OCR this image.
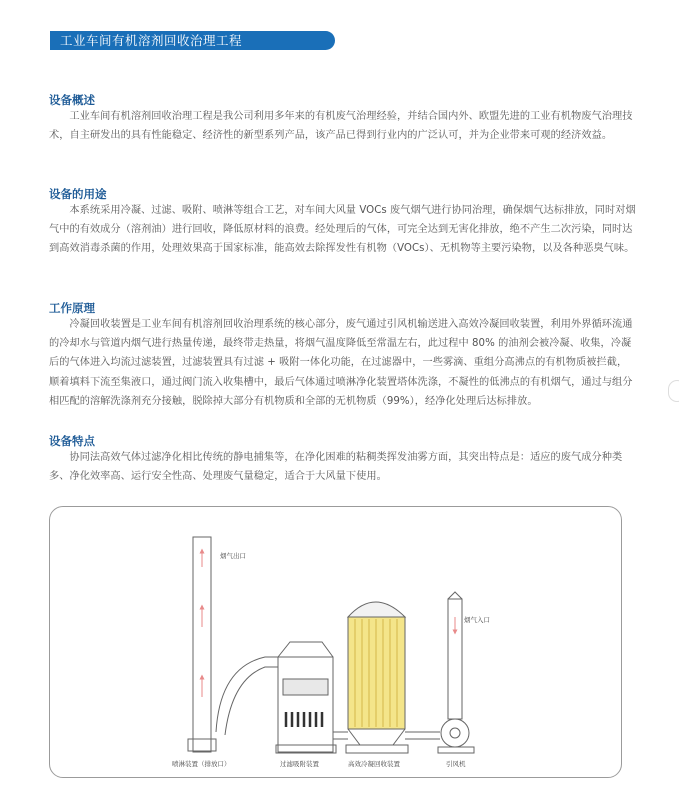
工业车间有机溶剂回收治理工程
设备概述

工业车间有机溶剂回收治理工程是我公司利用多年来的有机废气治理经验，并结合国内外、欧盟先进的工业有机物废气治理技术，自主研发出的具有性能稳定、经济性的新型系列产品，该产品已得到行业内的广泛认可，并为企业带来可观的经济效益。

设备的用途

本系统采用冷凝、过滤、吸附、喷淋等组合工艺，对车间大风量 VOCs 废气烟气进行协同治理，确保烟气达标排放，同时对烟气中的有效成分（溶剂油）进行回收，降低原材料的浪费。经处理后的气体，可完全达到无害化排放，绝不产生二次污染，同时达到高效消毒杀菌的作用，处理效果高于国家标准，能高效去除挥发性有机物（VOCs）、无机物等主要污染物，以及各种恶臭气味。

工作原理

冷凝回收装置是工业车间有机溶剂回收治理系统的核心部分，废气通过引风机输送进入高效冷凝回收装置，利用外界循环流通的冷却水与管道内烟气进行热量传递，最终带走热量，将烟气温度降低至常温左右，此过程中 80% 的油剂会被冷凝、收集，冷凝后的气体进入均流过滤装置，过滤装置具有过滤 + 吸附一体化功能，在过滤器中，一些雾滴、重组分高沸点的有机物质被拦截，顺着填料下流至集液口，通过阀门流入收集槽中，最后气体通过喷淋净化装置塔体洗涤，不凝性的低沸点的有机烟气，通过与组分相匹配的溶解洗涤剂充分接触，脱除掉大部分有机物质和全部的无机物质（99%），经净化处理后达标排放。

设备特点

协同法高效气体过滤净化相比传统的静电捕集等，在净化困难的粘稠类挥发油雾方面，其突出特点是：适应的废气成分种类多、净化效率高、运行安全性高、处理废气量稳定，适合于大风量下使用。

烟气出口
烟气入口
喷淋装置（排放口）	过滤吸附装置	高效冷凝回收装置	引风机
